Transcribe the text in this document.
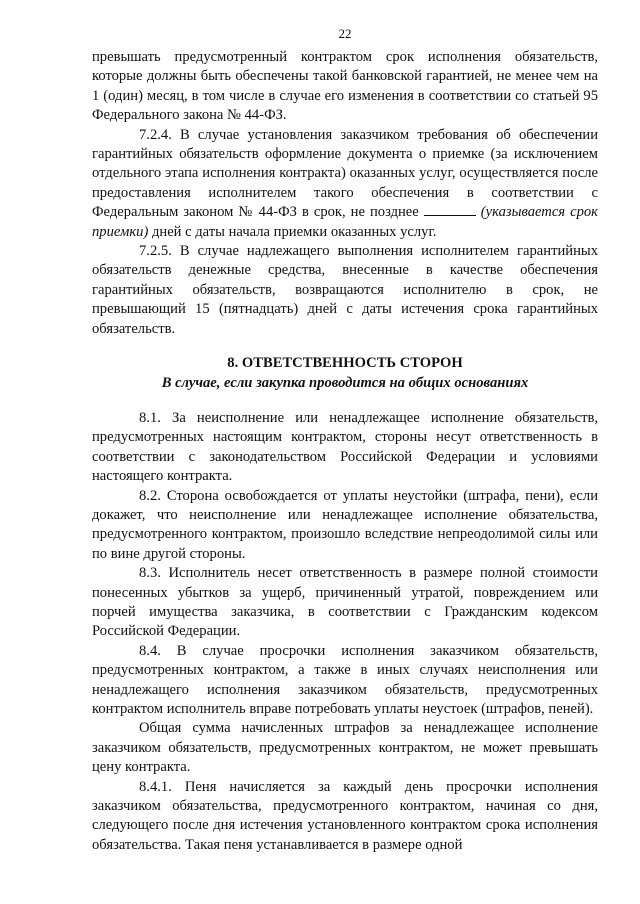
22

превышать предусмотренный контрактом срок исполнения обязательств, которые должны быть обеспечены такой банковской гарантией, не менее чем на 1 (один) месяц, в том числе в случае его изменения в соответствии со статьей 95 Федерального закона № 44-ФЗ.

7.2.4. В случае установления заказчиком требования об обеспечении гарантийных обязательств оформление документа о приемке (за исключением отдельного этапа исполнения контракта) оказанных услуг, осуществляется после предоставления исполнителем такого обеспечения в соответствии с Федеральным законом № 44-ФЗ в срок, не позднее	(указывается срок приемки) дней с даты начала приемки оказанных услуг.

7.2.5. В случае надлежащего выполнения исполнителем гарантийных обязательств денежные средства, внесенные в качестве обеспечения гарантийных обязательств, возвращаются исполнителю в срок, не превышающий 15 (пятнадцать) дней с даты истечения срока гарантийных обязательств.

8. ОТВЕТСТВЕННОСТЬ СТОРОН
В случае, если закупка проводится на общих основаниях

8.1. За неисполнение или ненадлежащее исполнение обязательств, предусмотренных настоящим контрактом, стороны несут ответственность в соответствии с законодательством Российской Федерации и условиями настоящего контракта.

8.2. Сторона освобождается от уплаты неустойки (штрафа, пени), если докажет, что неисполнение или ненадлежащее исполнение обязательства, предусмотренного контрактом, произошло вследствие непреодолимой силы или по вине другой стороны.

8.3. Исполнитель несет ответственность в размере полной стоимости понесенных убытков за ущерб, причиненный утратой, повреждением или порчей имущества заказчика, в соответствии с Гражданским кодексом Российской Федерации.

8.4. В случае просрочки исполнения заказчиком обязательств, предусмотренных контрактом, а также в иных случаях неисполнения или ненадлежащего исполнения заказчиком обязательств, предусмотренных контрактом исполнитель вправе потребовать уплаты неустоек (штрафов, пеней).

Общая сумма начисленных штрафов за ненадлежащее исполнение заказчиком обязательств, предусмотренных контрактом, не может превышать цену контракта.

8.4.1. Пеня начисляется за каждый день просрочки исполнения заказчиком обязательства, предусмотренного контрактом, начиная со дня, следующего после дня истечения установленного контрактом срока исполнения обязательства. Такая пеня устанавливается в размере одной
